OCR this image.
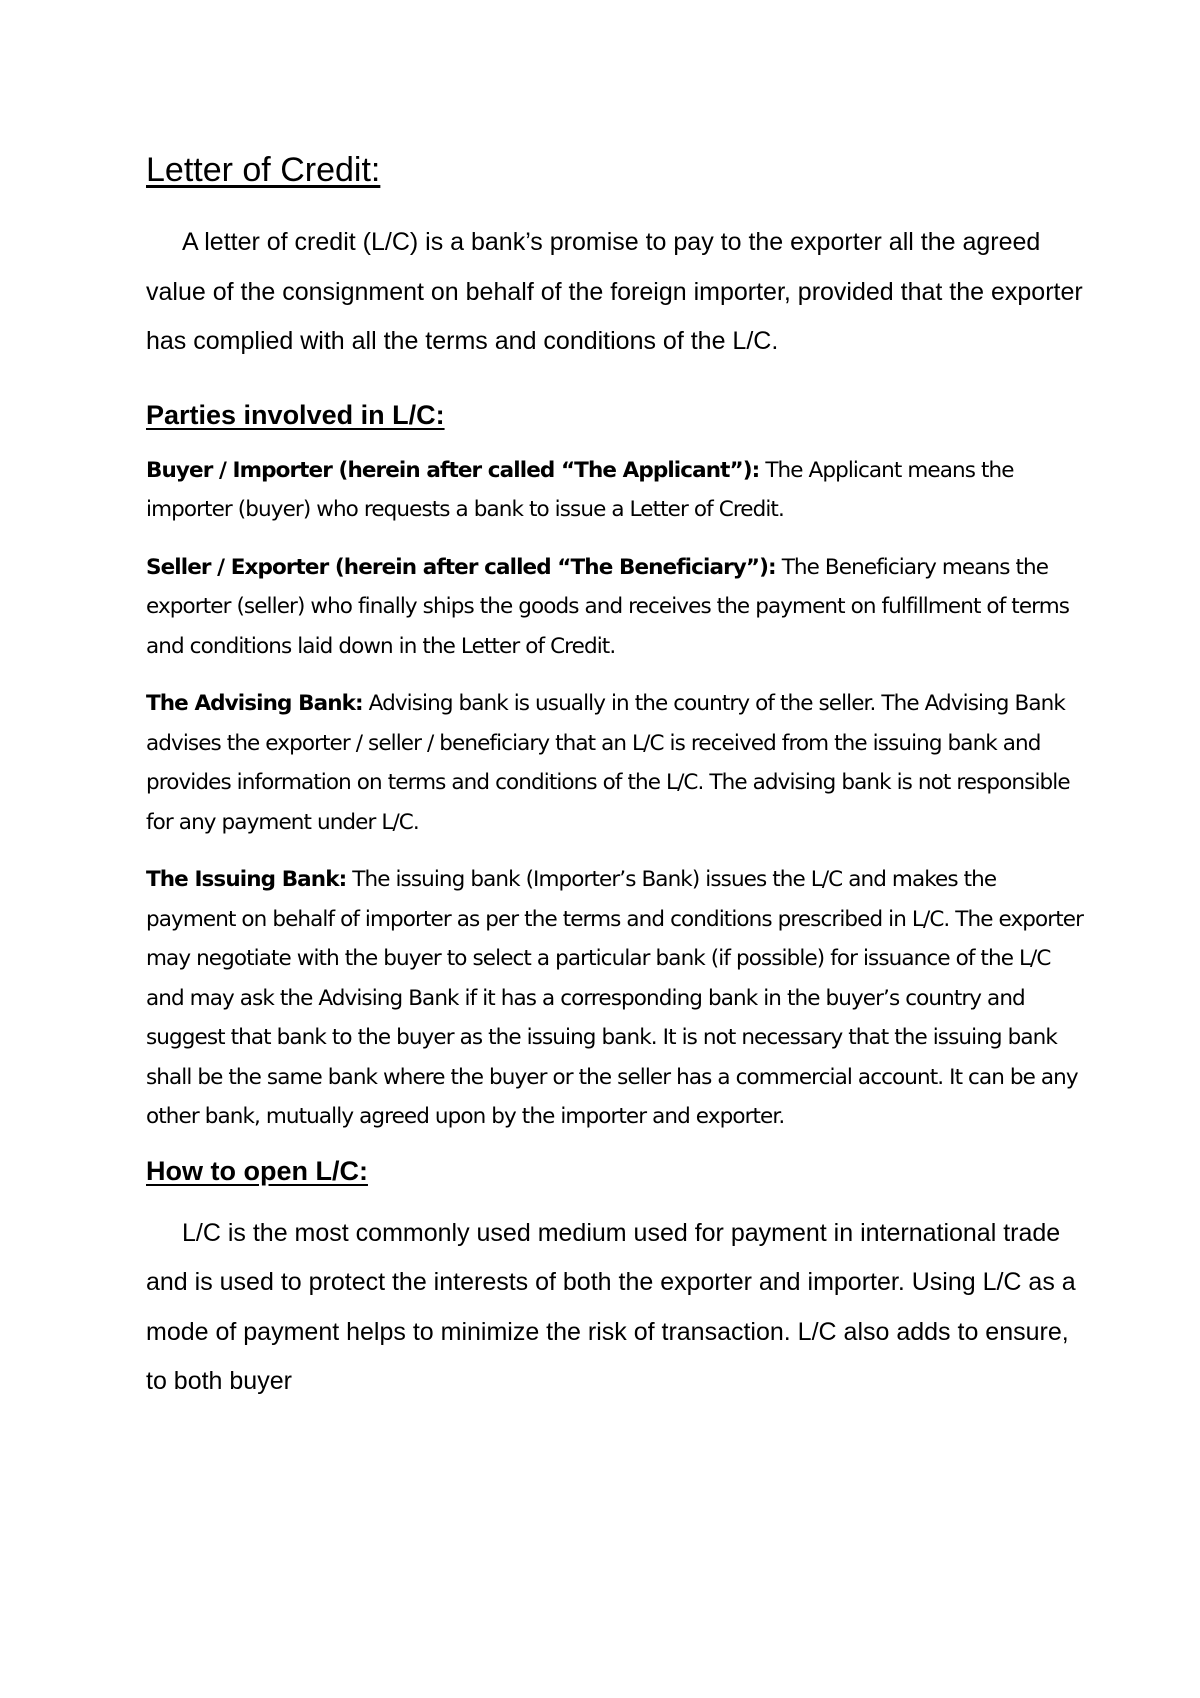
Letter of Credit:

A letter of credit (L/C) is a bank’s promise to pay to the exporter all the agreed value of the consignment on behalf of the foreign importer, provided that the exporter has complied with all the terms and conditions of the L/C.

Parties involved in L/C:

Buyer / Importer (herein after called “The Applicant”): The Applicant means the importer (buyer) who requests a bank to issue a Letter of Credit.

Seller / Exporter (herein after called “The Beneficiary”): The Beneficiary means the exporter (seller) who finally ships the goods and receives the payment on fulfillment of terms and conditions laid down in the Letter of Credit.

The Advising Bank: Advising bank is usually in the country of the seller. The Advising Bank advises the exporter / seller / beneficiary that an L/C is received from the issuing bank and provides information on terms and conditions of the L/C. The advising bank is not responsible for any payment under L/C.

The Issuing Bank: The issuing bank (Importer’s Bank) issues the L/C and makes the payment on behalf of importer as per the terms and conditions prescribed in L/C. The exporter may negotiate with the buyer to select a particular bank (if possible) for issuance of the L/C and may ask the Advising Bank if it has a corresponding bank in the buyer’s country and suggest that bank to the buyer as the issuing bank. It is not necessary that the issuing bank shall be the same bank where the buyer or the seller has a commercial account. It can be any other bank, mutually agreed upon by the importer and exporter.

How to open L/C:

L/C is the most commonly used medium used for payment in international trade and is used to protect the interests of both the exporter and importer. Using L/C as a mode of payment helps to minimize the risk of transaction. L/C also adds to ensure, to both buyer
